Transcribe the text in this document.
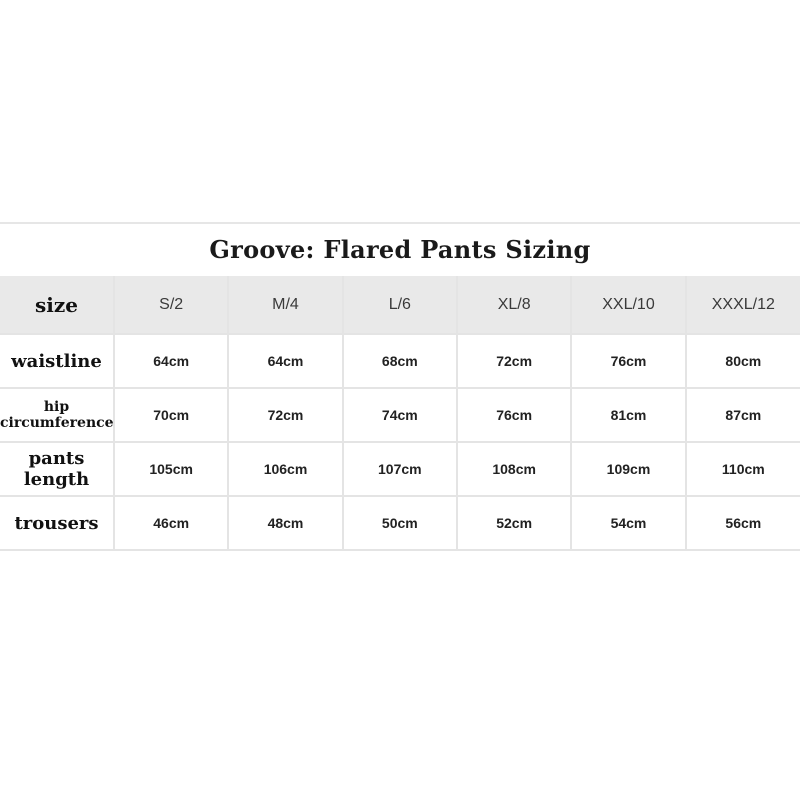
Groove: Flared Pants Sizing
size	S/2	M/4	L/6	XL/8	XXL/10	XXXL/12
waistline	64cm	64cm	68cm	72cm	76cm	80cm

hip
circumference	70cm	72cm	74cm	76cm	81cm	87cm
pants length	105cm	106cm	107cm	108cm	109cm	110cm
trousers	46cm	48cm	50cm	52cm	54cm	56cm
